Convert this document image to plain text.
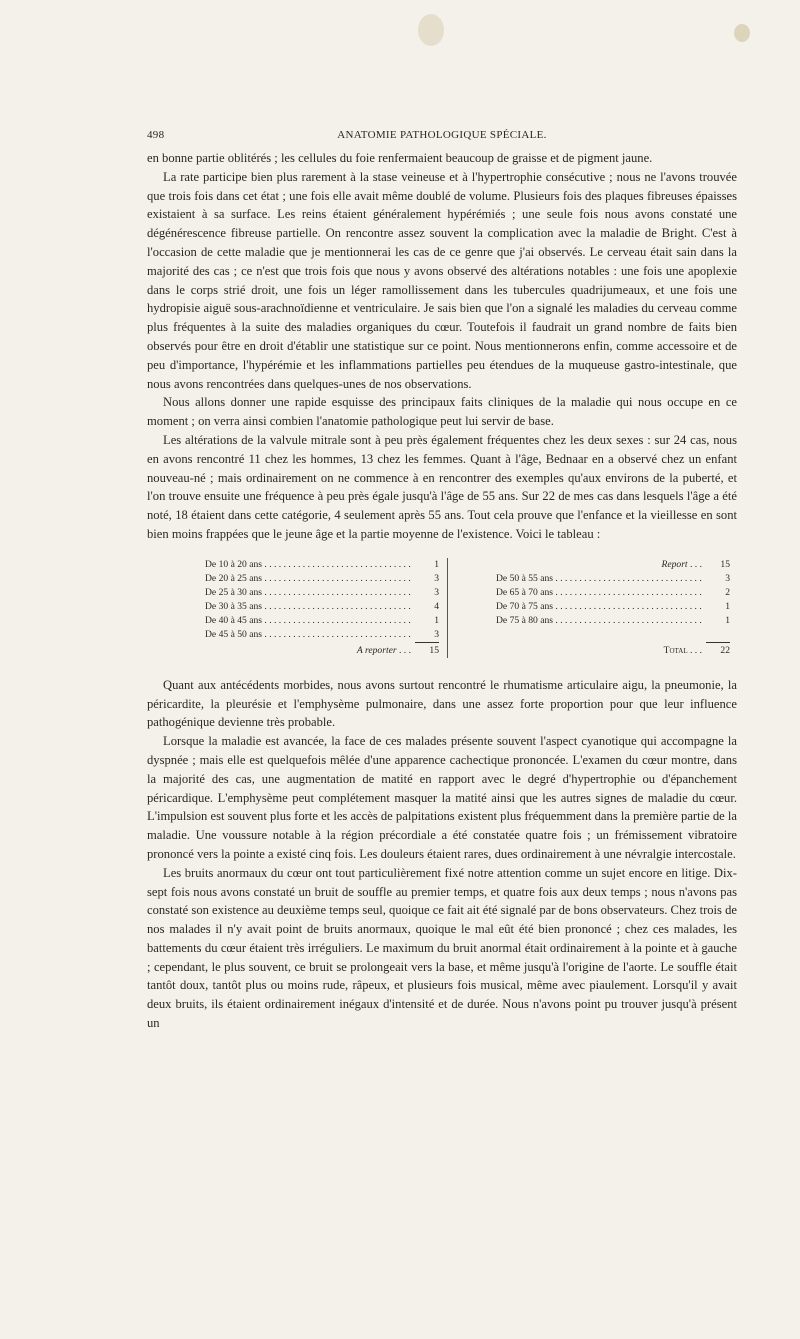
498	ANATOMIE PATHOLOGIQUE SPÉCIALE.

en bonne partie oblitérés ; les cellules du foie renfermaient beaucoup de graisse et de pigment jaune.

La rate participe bien plus rarement à la stase veineuse et à l'hypertrophie consécutive ; nous ne l'avons trouvée que trois fois dans cet état ; une fois elle avait même doublé de volume. Plusieurs fois des plaques fibreuses épaisses existaient à sa surface. Les reins étaient généralement hypérémiés ; une seule fois nous avons constaté une dégénérescence fibreuse partielle. On rencontre assez souvent la complication avec la maladie de Bright. C'est à l'occasion de cette maladie que je mentionnerai les cas de ce genre que j'ai observés. Le cerveau était sain dans la majorité des cas ; ce n'est que trois fois que nous y avons observé des altérations notables : une fois une apoplexie dans le corps strié droit, une fois un léger ramollissement dans les tubercules quadrijumeaux, et une fois une hydropisie aiguë sous-arachnoïdienne et ventriculaire. Je sais bien que l'on a signalé les maladies du cerveau comme plus fréquentes à la suite des maladies organiques du cœur. Toutefois il faudrait un grand nombre de faits bien observés pour être en droit d'établir une statistique sur ce point. Nous mentionnerons enfin, comme accessoire et de peu d'importance, l'hypérémie et les inflammations partielles peu étendues de la muqueuse gastro-intestinale, que nous avons rencontrées dans quelques-unes de nos observations.

Nous allons donner une rapide esquisse des principaux faits cliniques de la maladie qui nous occupe en ce moment ; on verra ainsi combien l'anatomie pathologique peut lui servir de base.

Les altérations de la valvule mitrale sont à peu près également fréquentes chez les deux sexes : sur 24 cas, nous en avons rencontré 11 chez les hommes, 13 chez les femmes. Quant à l'âge, Bednaar en a observé chez un enfant nouveau-né ; mais ordinairement on ne commence à en rencontrer des exemples qu'aux environs de la puberté, et l'on trouve ensuite une fréquence à peu près égale jusqu'à l'âge de 55 ans. Sur 22 de mes cas dans lesquels l'âge a été noté, 18 étaient dans cette catégorie, 4 seulement après 55 ans. Tout cela prouve que l'enfance et la vieillesse en sont bien moins frappées que le jeune âge et la partie moyenne de l'existence. Voici le tableau :

De 10 à 20 ans . . .	1
De 20 à 25 ans . . .	3
De 25 à 30 ans . . .	3
De 30 à 35 ans . . .	4
De 40 à 45 ans . . .	1
De 45 à 50 ans . . .	3
A reporter . . .	15
Report . . .	15
De 50 à 55 ans . . .	3
De 65 à 70 ans . . .	2
De 70 à 75 ans . . .	1
De 75 à 80 ans . . .	1
Total . . .	22

Quant aux antécédents morbides, nous avons surtout rencontré le rhumatisme articulaire aigu, la pneumonie, la péricardite, la pleurésie et l'emphysème pulmonaire, dans une assez forte proportion pour que leur influence pathogénique devienne très probable.

Lorsque la maladie est avancée, la face de ces malades présente souvent l'aspect cyanotique qui accompagne la dyspnée ; mais elle est quelquefois mêlée d'une apparence cachectique prononcée. L'examen du cœur montre, dans la majorité des cas, une augmentation de matité en rapport avec le degré d'hypertrophie ou d'épanchement péricardique. L'emphysème peut complétement masquer la matité ainsi que les autres signes de maladie du cœur. L'impulsion est souvent plus forte et les accès de palpitations existent plus fréquemment dans la première partie de la maladie. Une voussure notable à la région précordiale a été constatée quatre fois ; un frémissement vibratoire prononcé vers la pointe a existé cinq fois. Les douleurs étaient rares, dues ordinairement à une névralgie intercostale.

Les bruits anormaux du cœur ont tout particulièrement fixé notre attention comme un sujet encore en litige. Dix-sept fois nous avons constaté un bruit de souffle au premier temps, et quatre fois aux deux temps ; nous n'avons pas constaté son existence au deuxième temps seul, quoique ce fait ait été signalé par de bons observateurs. Chez trois de nos malades il n'y avait point de bruits anormaux, quoique le mal eût été bien prononcé ; chez ces malades, les battements du cœur étaient très irréguliers. Le maximum du bruit anormal était ordinairement à la pointe et à gauche ; cependant, le plus souvent, ce bruit se prolongeait vers la base, et même jusqu'à l'origine de l'aorte. Le souffle était tantôt doux, tantôt plus ou moins rude, râpeux, et plusieurs fois musical, même avec piaulement. Lorsqu'il y avait deux bruits, ils étaient ordinairement inégaux d'intensité et de durée. Nous n'avons point pu trouver jusqu'à présent un
